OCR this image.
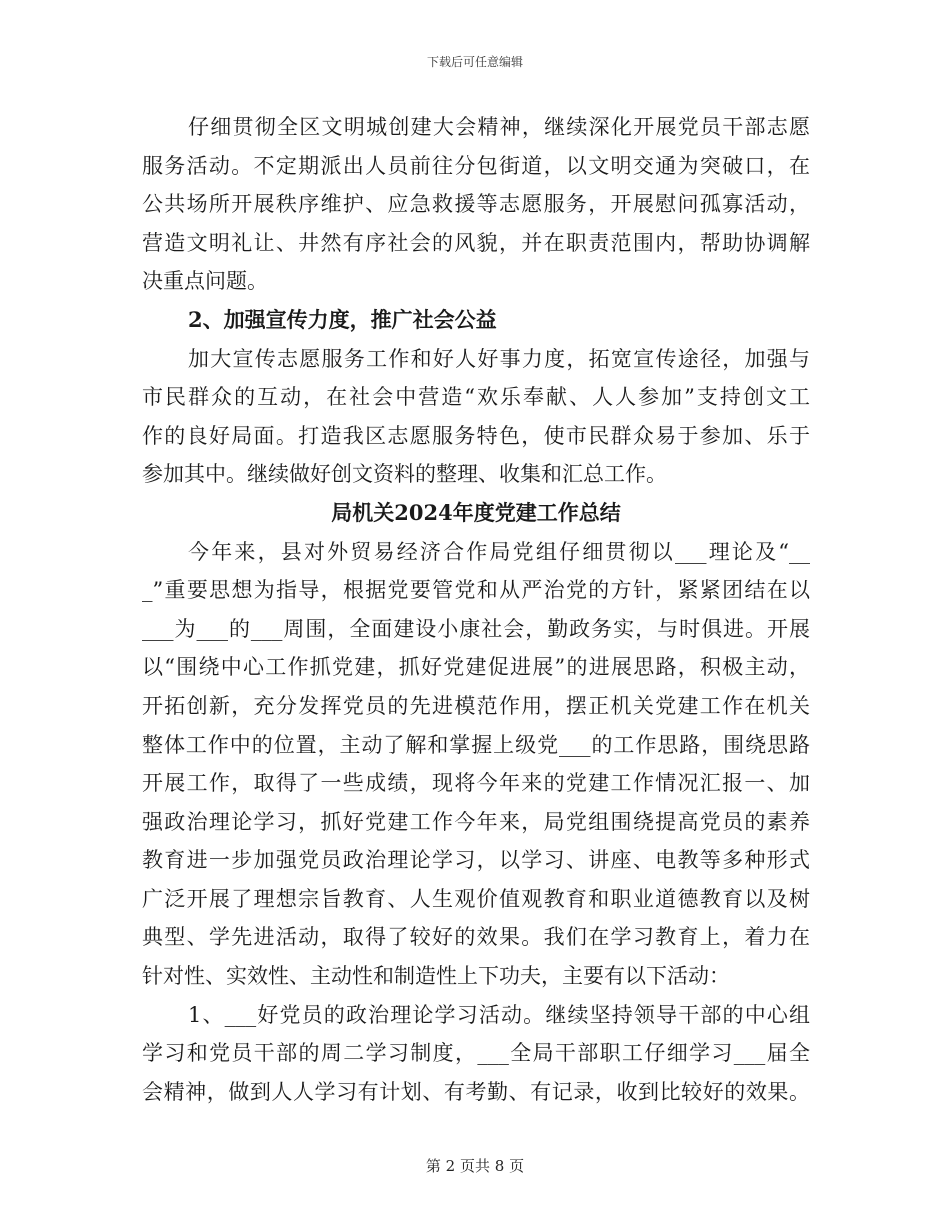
下载后可任意编辑
仔细贯彻全区文明城创建大会精神，继续深化开展党员干部志愿
服务活动。不定期派出人员前往分包街道，以文明交通为突破口，在
公共场所开展秩序维护、应急救援等志愿服务，开展慰问孤寡活动，
营造文明礼让、井然有序社会的风貌，并在职责范围内，帮助协调解
决重点问题。
2、加强宣传力度，推广社会公益
加大宣传志愿服务工作和好人好事力度，拓宽宣传途径，加强与
市民群众的互动，在社会中营造“欢乐奉献、人人参加”支持创文工
作的良好局面。打造我区志愿服务特色，使市民群众易于参加、乐于
参加其中。继续做好创文资料的整理、收集和汇总工作。
局机关2024年度党建工作总结
今年来，县对外贸易经济合作局党组仔细贯彻以___理论及“__
_”重要思想为指导，根据党要管党和从严治党的方针，紧紧团结在以
___为___的___周围，全面建设小康社会，勤政务实，与时俱进。开展
以“围绕中心工作抓党建，抓好党建促进展”的进展思路，积极主动，
开拓创新，充分发挥党员的先进模范作用，摆正机关党建工作在机关
整体工作中的位置，主动了解和掌握上级党___的工作思路，围绕思路
开展工作，取得了一些成绩，现将今年来的党建工作情况汇报一、加
强政治理论学习，抓好党建工作今年来，局党组围绕提高党员的素养
教育进一步加强党员政治理论学习，以学习、讲座、电教等多种形式
广泛开展了理想宗旨教育、人生观价值观教育和职业道德教育以及树
典型、学先进活动，取得了较好的效果。我们在学习教育上，着力在
针对性、实效性、主动性和制造性上下功夫，主要有以下活动：
1、___好党员的政治理论学习活动。继续坚持领导干部的中心组
学习和党员干部的周二学习制度，___全局干部职工仔细学习___届全
会精神，做到人人学习有计划、有考勤、有记录，收到比较好的效果。
第 2 页共 8 页
